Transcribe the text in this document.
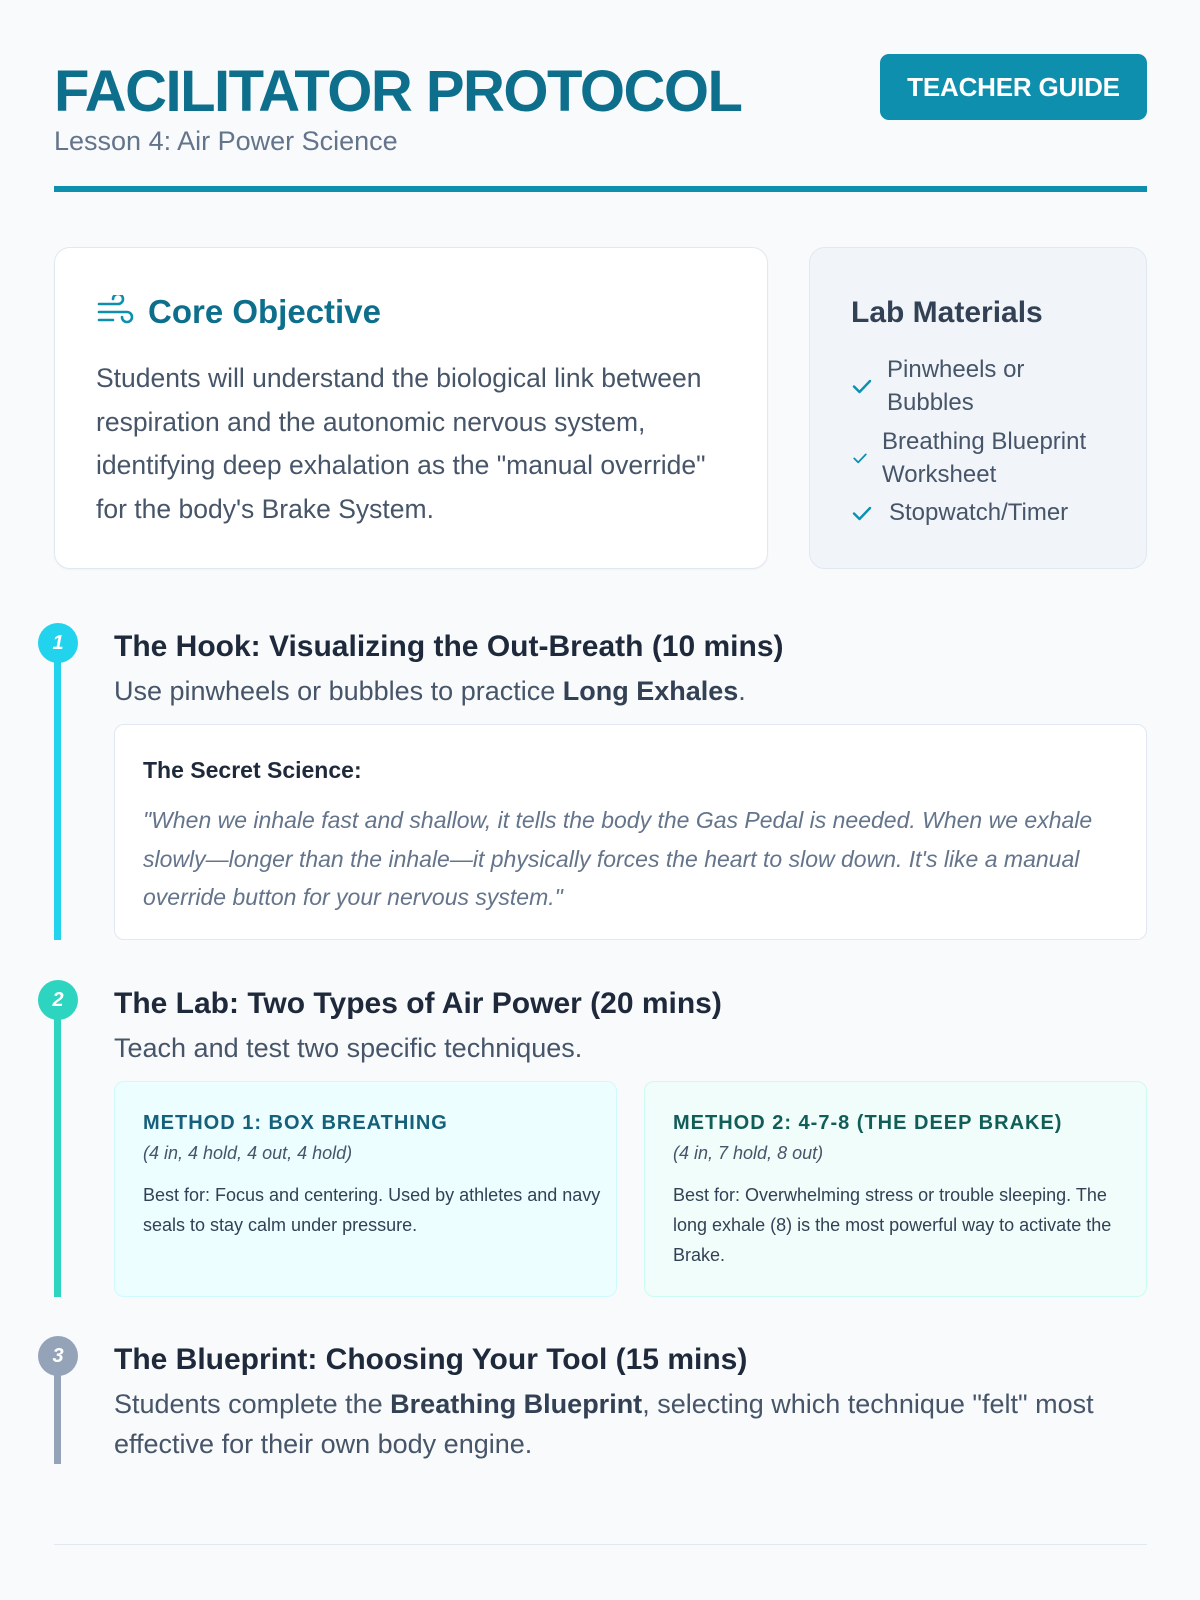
FACILITATOR PROTOCOL
Lesson 4: Air Power Science
TEACHER GUIDE
Core Objective
Students will understand the biological link between respiration and the autonomic nervous system, identifying deep exhalation as the "manual override" for the body's Brake System.
Lab Materials
Pinwheels or Bubbles
Breathing Blueprint Worksheet
Stopwatch/Timer
1	The Hook: Visualizing the Out-Breath (10 mins)
Use pinwheels or bubbles to practice Long Exhales.
The Secret Science:
"When we inhale fast and shallow, it tells the body the Gas Pedal is needed. When we exhale slowly—longer than the inhale—it physically forces the heart to slow down. It's like a manual override button for your nervous system."
2	The Lab: Two Types of Air Power (20 mins)
Teach and test two specific techniques.
METHOD 1: BOX BREATHING
(4 in, 4 hold, 4 out, 4 hold)
Best for: Focus and centering. Used by athletes and navy seals to stay calm under pressure.
METHOD 2: 4-7-8 (THE DEEP BRAKE)
(4 in, 7 hold, 8 out)
Best for: Overwhelming stress or trouble sleeping. The long exhale (8) is the most powerful way to activate the Brake.
3	The Blueprint: Choosing Your Tool (15 mins)
Students complete the Breathing Blueprint, selecting which technique "felt" most effective for their own body engine.
